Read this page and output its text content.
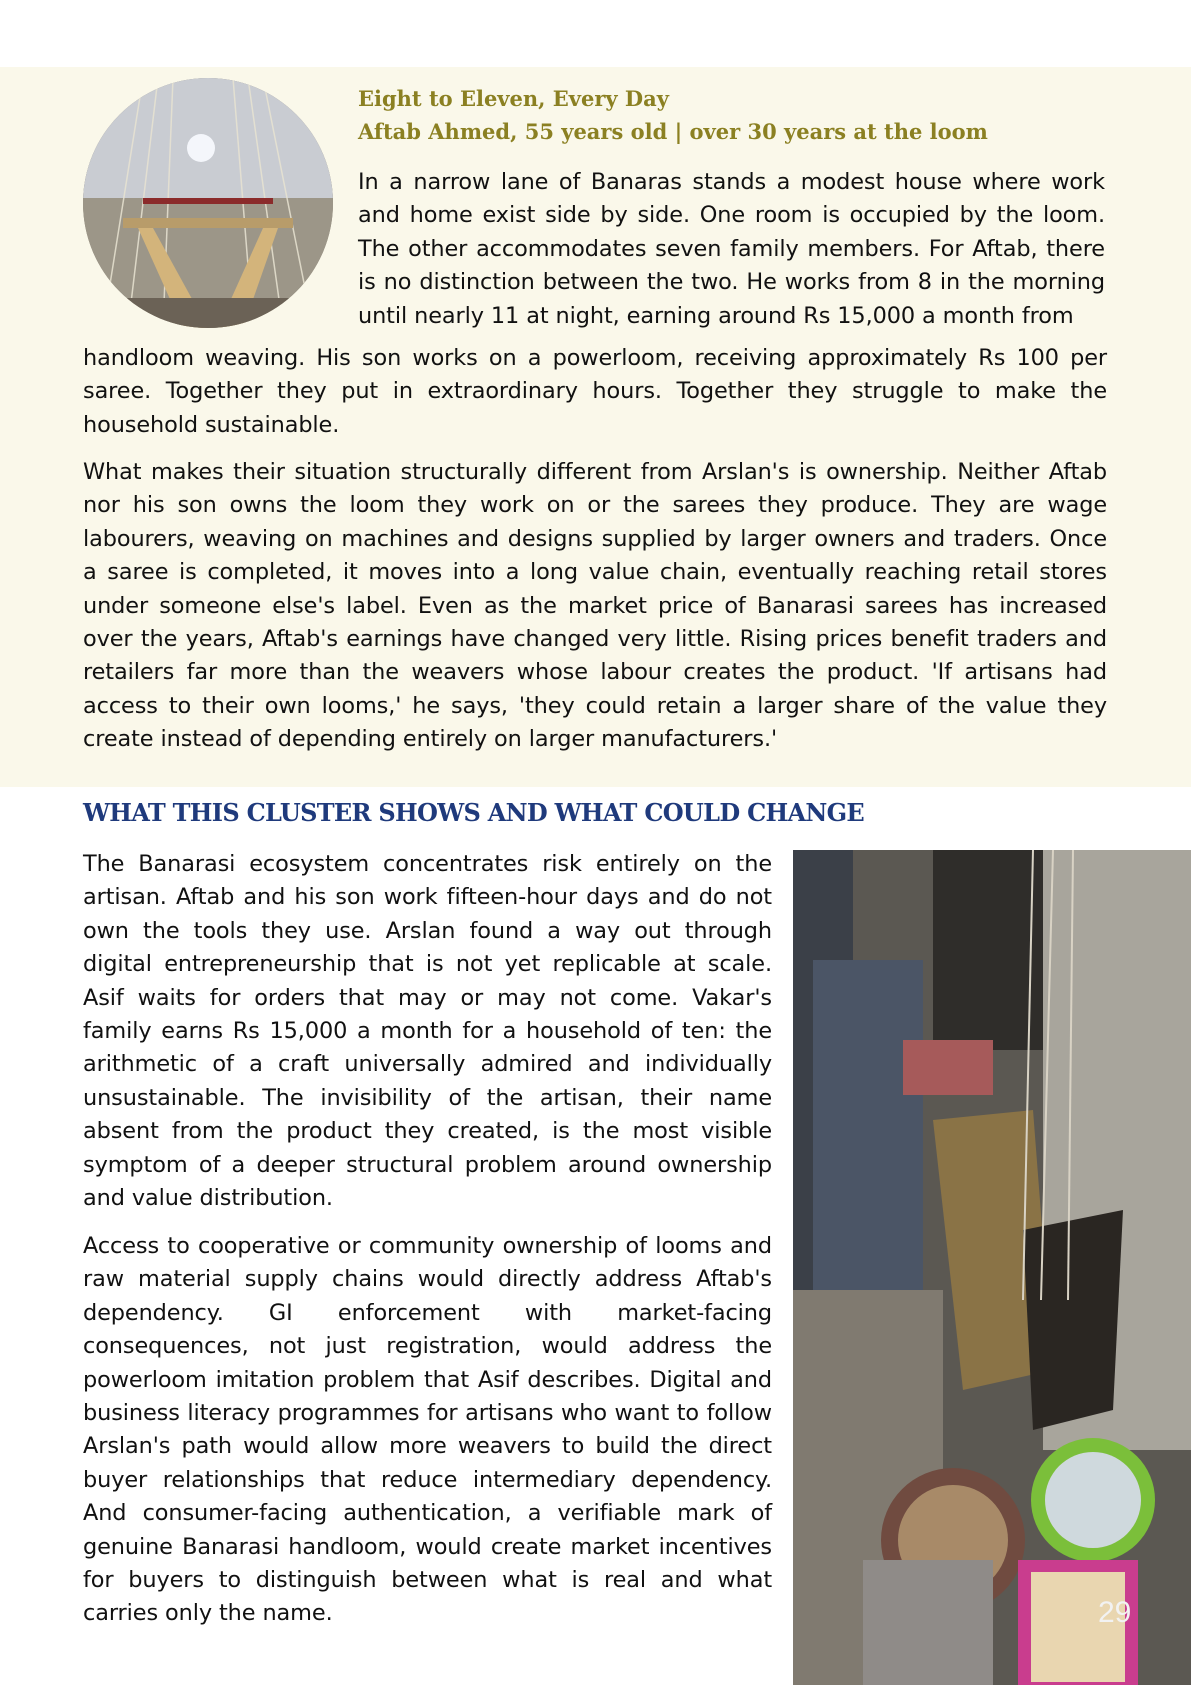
Eight to Eleven, Every Day
Aftab Ahmed, 55 years old | over 30 years at the loom

In a narrow lane of Banaras stands a modest house where work and home exist side by side. One room is occupied by the loom. The other accommodates seven family members. For Aftab, there is no distinction between the two. He works from 8 in the morning until nearly 11 at night, earning around Rs 15,000 a month from

handloom weaving. His son works on a powerloom, receiving approximately Rs 100 per saree. Together they put in extraordinary hours. Together they struggle to make the household sustainable.

What makes their situation structurally different from Arslan's is ownership. Neither Aftab nor his son owns the loom they work on or the sarees they produce. They are wage labourers, weaving on machines and designs supplied by larger owners and traders. Once a saree is completed, it moves into a long value chain, eventually reaching retail stores under someone else's label. Even as the market price of Banarasi sarees has increased over the years, Aftab's earnings have changed very little. Rising prices benefit traders and retailers far more than the weavers whose labour creates the product. 'If artisans had access to their own looms,' he says, 'they could retain a larger share of the value they create instead of depending entirely on larger manufacturers.'

WHAT THIS CLUSTER SHOWS AND WHAT COULD CHANGE

The Banarasi ecosystem concentrates risk entirely on the artisan. Aftab and his son work fifteen-hour days and do not own the tools they use. Arslan found a way out through digital entrepreneurship that is not yet replicable at scale. Asif waits for orders that may or may not come. Vakar's family earns Rs 15,000 a month for a household of ten: the arithmetic of a craft universally admired and individually unsustainable. The invisibility of the artisan, their name absent from the product they created, is the most visible symptom of a deeper structural problem around ownership and value distribution.

Access to cooperative or community ownership of looms and raw material supply chains would directly address Aftab's dependency. GI enforcement with market-facing consequences, not just registration, would address the powerloom imitation problem that Asif describes. Digital and business literacy programmes for artisans who want to follow Arslan's path would allow more weavers to build the direct buyer relationships that reduce intermediary dependency. And consumer-facing authentication, a verifiable mark of genuine Banarasi handloom, would create market incentives for buyers to distinguish between what is real and what carries only the name.	29
